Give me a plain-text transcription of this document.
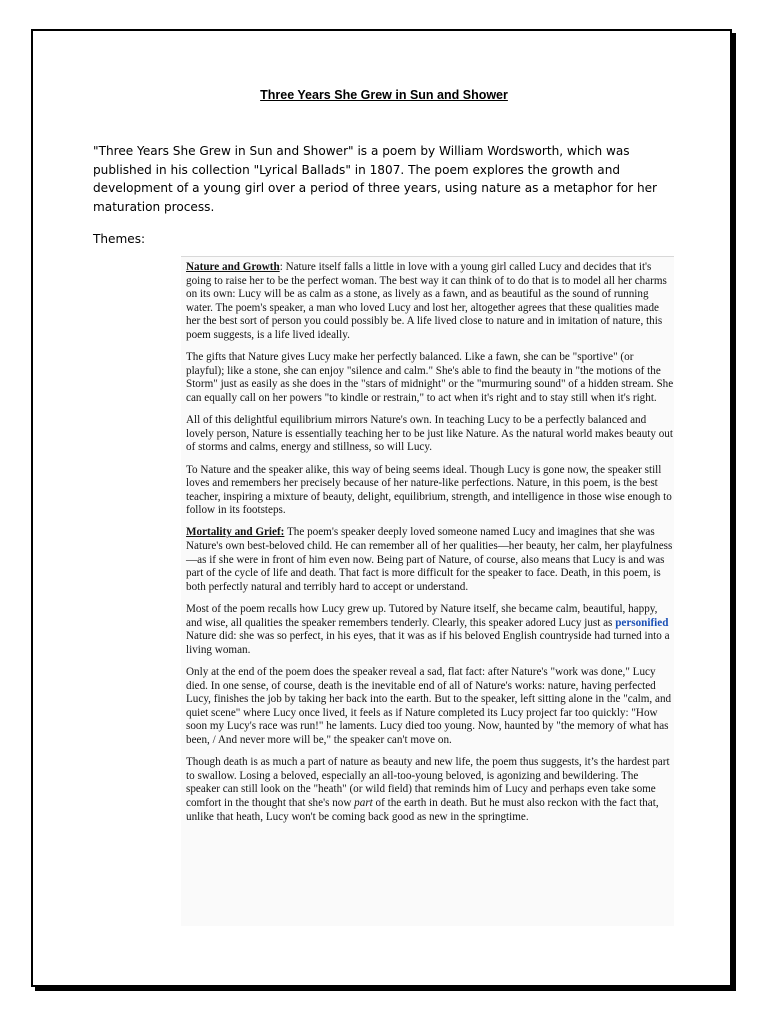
Three Years She Grew in Sun and Shower

"Three Years She Grew in Sun and Shower" is a poem by William Wordsworth, which was published in his collection "Lyrical Ballads" in 1807. The poem explores the growth and development of a young girl over a period of three years, using nature as a metaphor for her maturation process.

Themes:

Nature and Growth: Nature itself falls a little in love with a young girl called Lucy and decides that it's going to raise her to be the perfect woman. The best way it can think of to do that is to model all her charms on its own: Lucy will be as calm as a stone, as lively as a fawn, and as beautiful as the sound of running water. The poem's speaker, a man who loved Lucy and lost her, altogether agrees that these qualities made her the best sort of person you could possibly be. A life lived close to nature and in imitation of nature, this poem suggests, is a life lived ideally.

The gifts that Nature gives Lucy make her perfectly balanced. Like a fawn, she can be "sportive" (or playful); like a stone, she can enjoy "silence and calm." She's able to find the beauty in "the motions of the Storm" just as easily as she does in the "stars of midnight" or the "murmuring sound" of a hidden stream. She can equally call on her powers "to kindle or restrain," to act when it's right and to stay still when it's right.

All of this delightful equilibrium mirrors Nature's own. In teaching Lucy to be a perfectly balanced and lovely person, Nature is essentially teaching her to be just like Nature. As the natural world makes beauty out of storms and calms, energy and stillness, so will Lucy.

To Nature and the speaker alike, this way of being seems ideal. Though Lucy is gone now, the speaker still loves and remembers her precisely because of her nature-like perfections. Nature, in this poem, is the best teacher, inspiring a mixture of beauty, delight, equilibrium, strength, and intelligence in those wise enough to follow in its footsteps.

Mortality and Grief: The poem's speaker deeply loved someone named Lucy and imagines that she was Nature's own best-beloved child. He can remember all of her qualities—her beauty, her calm, her playfulness—as if she were in front of him even now. Being part of Nature, of course, also means that Lucy is and was part of the cycle of life and death. That fact is more difficult for the speaker to face. Death, in this poem, is both perfectly natural and terribly hard to accept or understand.

Most of the poem recalls how Lucy grew up. Tutored by Nature itself, she became calm, beautiful, happy, and wise, all qualities the speaker remembers tenderly. Clearly, this speaker adored Lucy just as personified Nature did: she was so perfect, in his eyes, that it was as if his beloved English countryside had turned into a living woman.

Only at the end of the poem does the speaker reveal a sad, flat fact: after Nature's "work was done," Lucy died. In one sense, of course, death is the inevitable end of all of Nature's works: nature, having perfected Lucy, finishes the job by taking her back into the earth. But to the speaker, left sitting alone in the "calm, and quiet scene" where Lucy once lived, it feels as if Nature completed its Lucy project far too quickly: "How soon my Lucy's race was run!" he laments. Lucy died too young. Now, haunted by "the memory of what has been, / And never more will be," the speaker can't move on.

Though death is as much a part of nature as beauty and new life, the poem thus suggests, it’s the hardest part to swallow. Losing a beloved, especially an all-too-young beloved, is agonizing and bewildering. The speaker can still look on the "heath" (or wild field) that reminds him of Lucy and perhaps even take some comfort in the thought that she's now part of the earth in death. But he must also reckon with the fact that, unlike that heath, Lucy won't be coming back good as new in the springtime.
